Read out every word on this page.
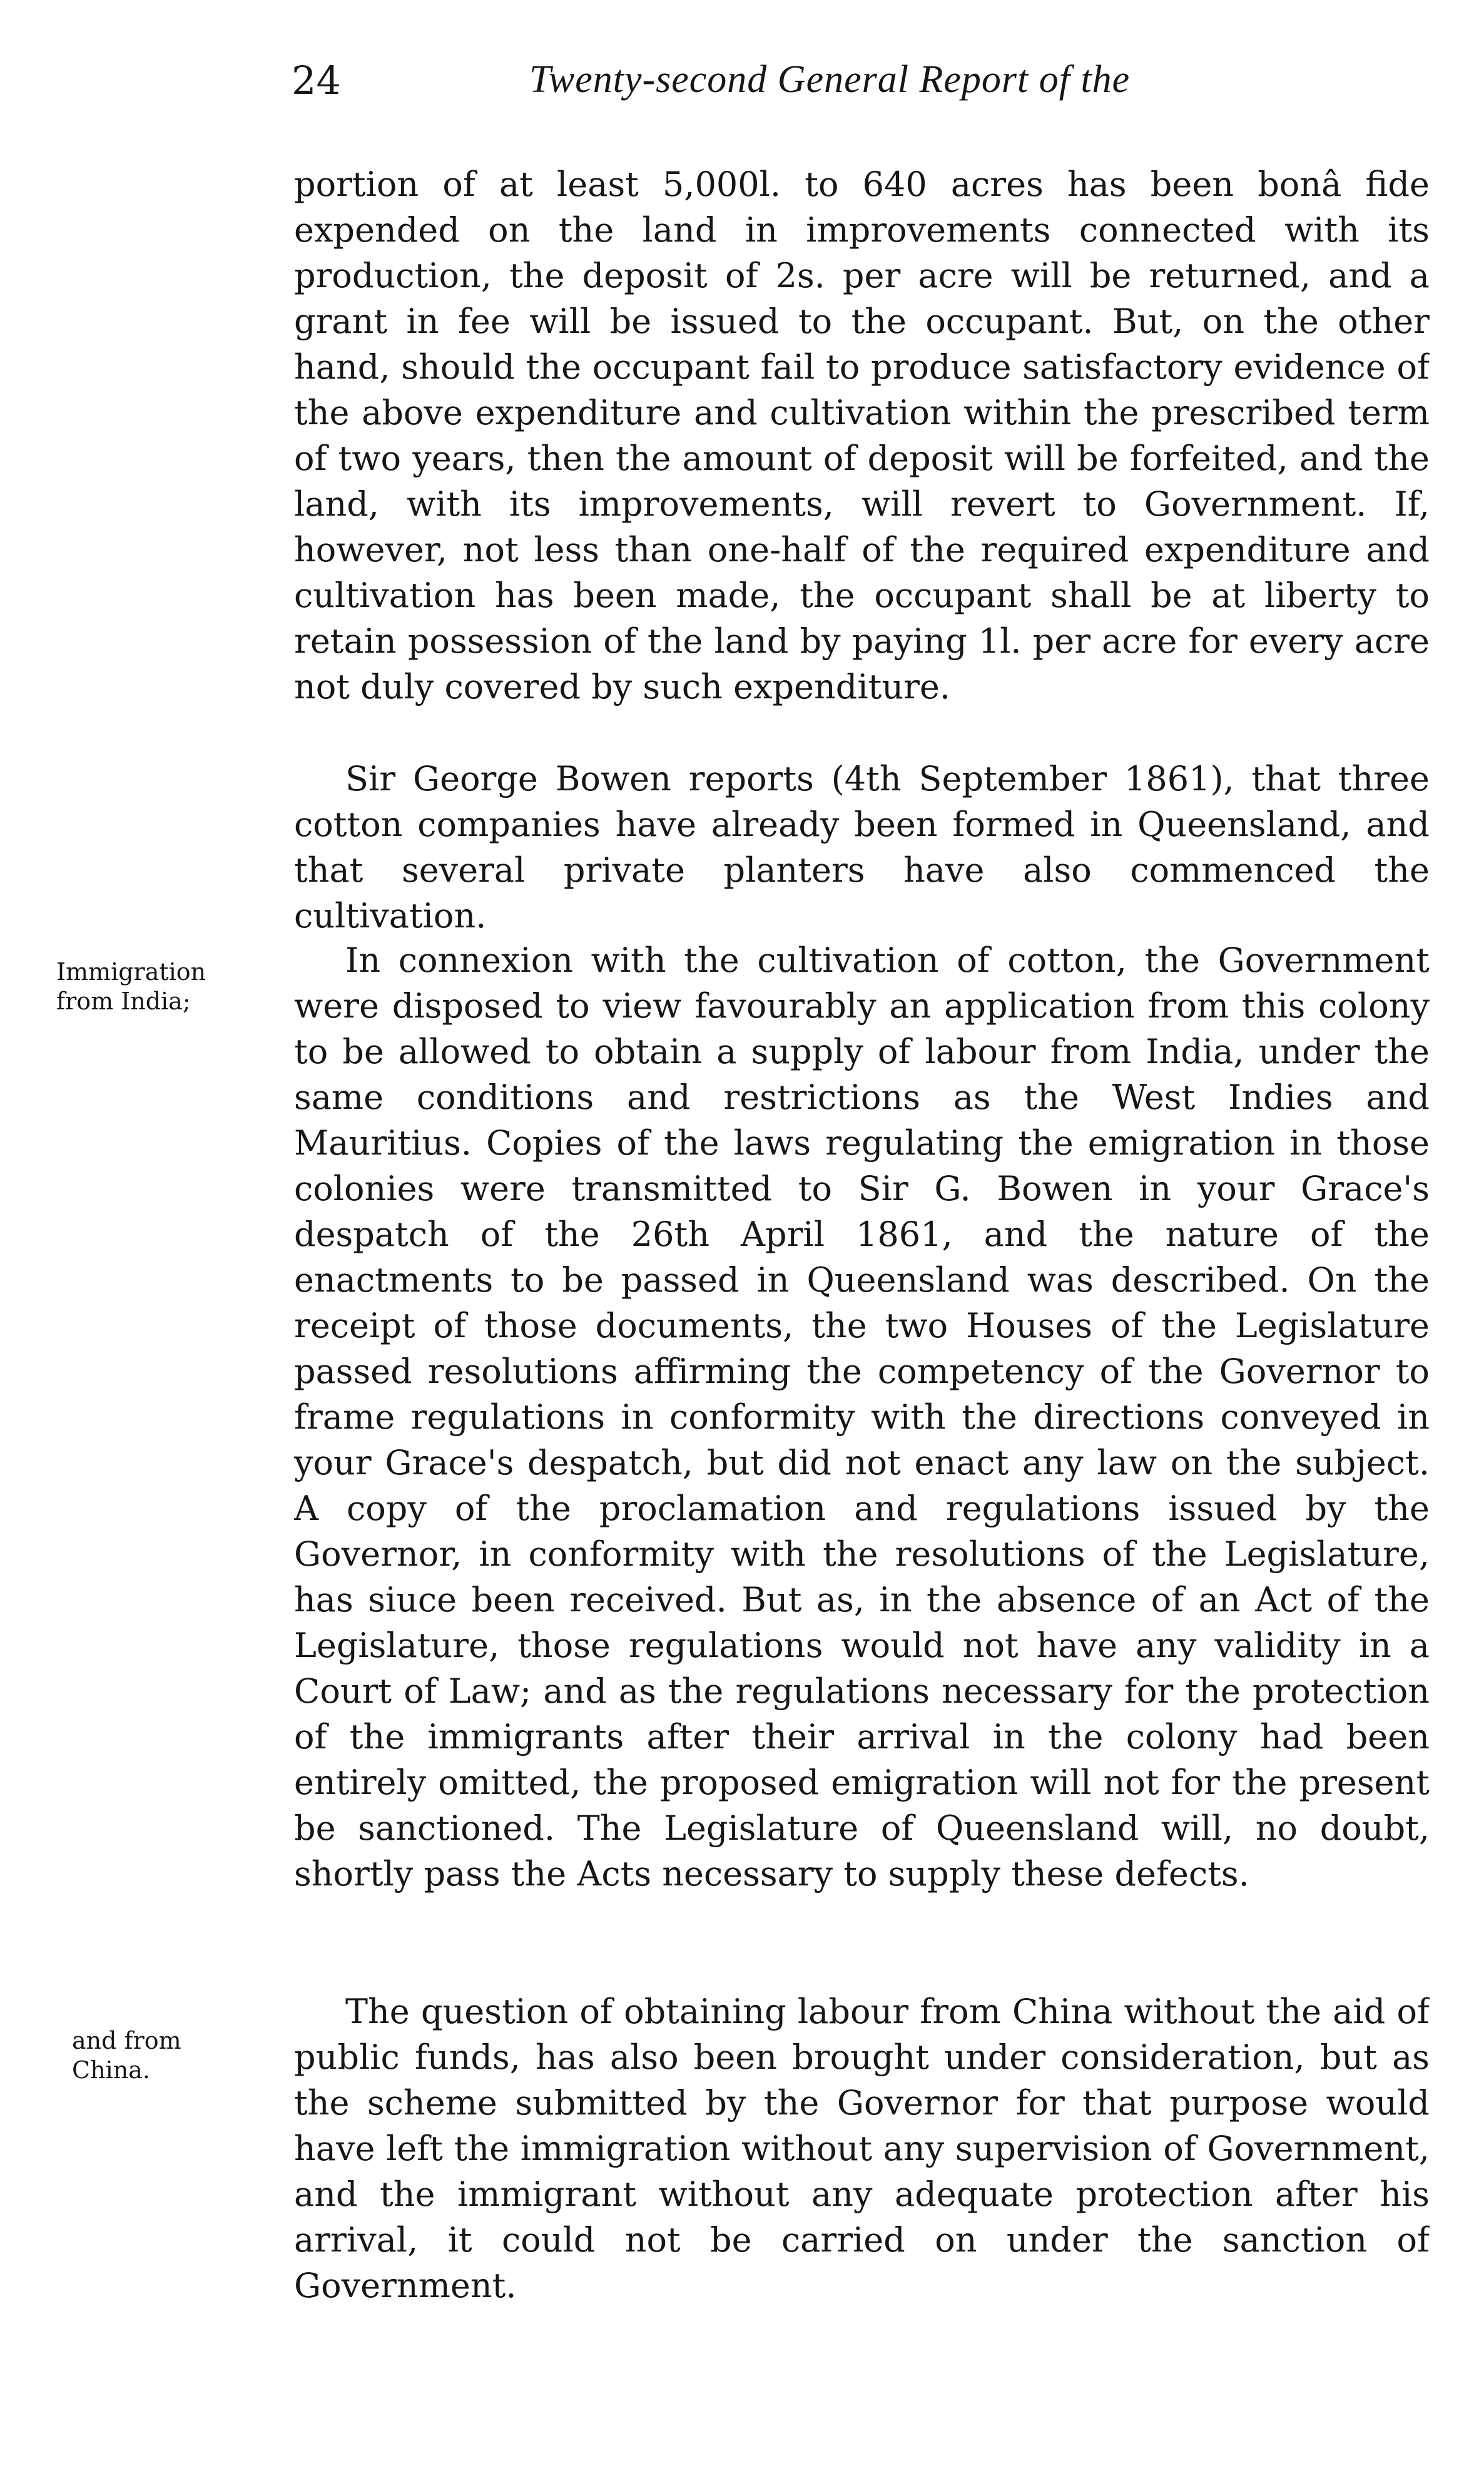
24	Twenty-second General Report of the
Immigration
from India;
and from
China.

portion of at least 5,000l. to 640 acres has been bonâ fide expended on the land in improvements connected with its production, the deposit of 2s. per acre will be returned, and a grant in fee will be issued to the occupant. But, on the other hand, should the occupant fail to produce satisfactory evidence of the above expenditure and cultivation within the prescribed term of two years, then the amount of deposit will be forfeited, and the land, with its improvements, will revert to Government. If, however, not less than one-half of the required expenditure and cultivation has been made, the occupant shall be at liberty to retain possession of the land by paying 1l. per acre for every acre not duly covered by such expenditure.

Sir George Bowen reports (4th September 1861), that three cotton companies have already been formed in Queensland, and that several private planters have also commenced the cultivation.

In connexion with the cultivation of cotton, the Government were disposed to view favourably an application from this colony to be allowed to obtain a supply of labour from India, under the same conditions and restrictions as the West Indies and Mauritius. Copies of the laws regulating the emigration in those colonies were transmitted to Sir G. Bowen in your Grace's despatch of the 26th April 1861, and the nature of the enactments to be passed in Queensland was described. On the receipt of those documents, the two Houses of the Legislature passed resolutions affirming the competency of the Governor to frame regulations in conformity with the directions conveyed in your Grace's despatch, but did not enact any law on the subject. A copy of the proclamation and regulations issued by the Governor, in conformity with the resolutions of the Legislature, has siuce been received. But as, in the absence of an Act of the Legislature, those regulations would not have any validity in a Court of Law; and as the regulations necessary for the protection of the immigrants after their arrival in the colony had been entirely omitted, the proposed emigration will not for the present be sanctioned. The Legislature of Queensland will, no doubt, shortly pass the Acts necessary to supply these defects.

The question of obtaining labour from China without the aid of public funds, has also been brought under consideration, but as the scheme submitted by the Governor for that purpose would have left the immigration without any supervision of Government, and the immigrant without any adequate protection after his arrival, it could not be carried on under the sanction of Government.
